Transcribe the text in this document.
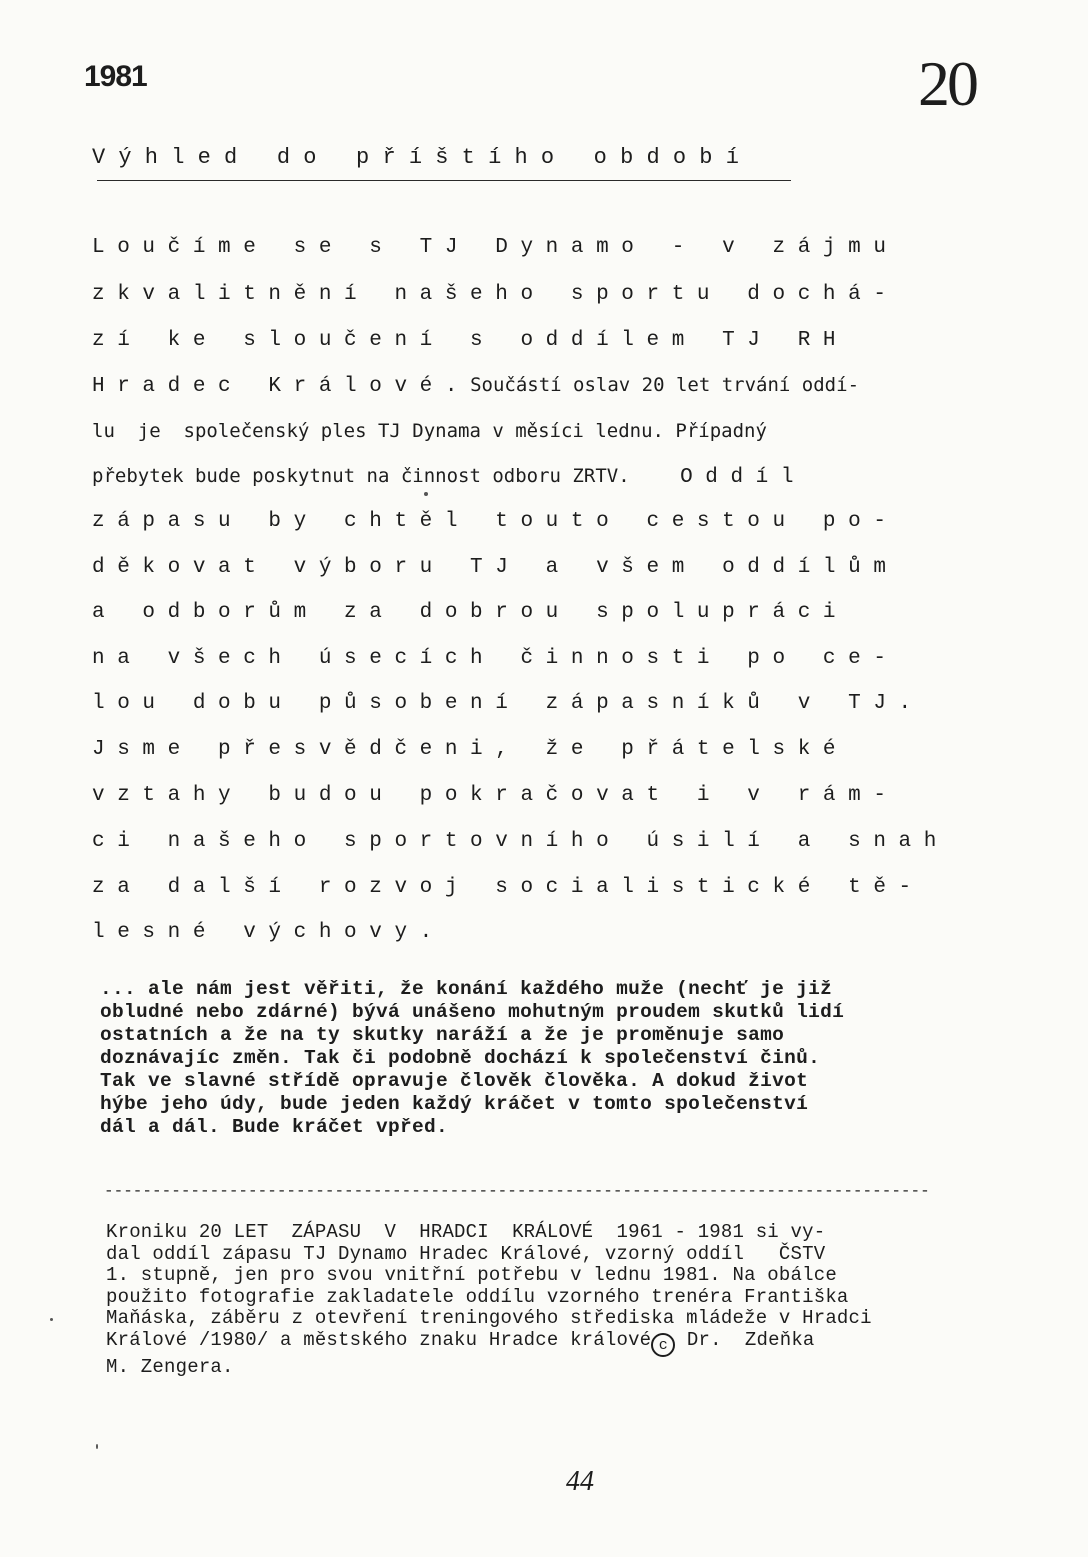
1981	20
V ý h l e d   d o   p ř í š t í h o   o b d o b í
L o u č í m e   s e   s   T J   D y n a m o   -   v   z á j m u
z k v a l i t n ě n í   n a š e h o   s p o r t u   d o c h á -
z í   k e   s l o u č e n í   s   o d d í l e m   T J   R H
H r a d e c   K r á l o v é . Součástí oslav 20 let trvání oddí-
lu  je  společenský ples TJ Dynama v měsíci lednu. Případný
přebytek bude poskytnut na činnost odboru ZRTV. O d d í l
z á p a s u   b y   c h t ě l   t o u t o   c e s t o u   p o -
d ě k o v a t   v ý b o r u   T J   a   v š e m   o d d í l ů m
a   o d b o r ů m   z a   d o b r o u   s p o l u p r á c i
n a   v š e c h   ú s e c í c h   č i n n o s t i   p o   c e -
l o u   d o b u   p ů s o b e n í   z á p a s n í k ů   v   T J .
J s m e   p ř e s v ě d č e n i ,   ž e   p ř á t e l s k é
v z t a h y   b u d o u   p o k r a č o v a t   i   v   r á m -
c i   n a š e h o   s p o r t o v n í h o   ú s i l í   a   s n a h
z a   d a l š í   r o z v o j   s o c i a l i s t i c k é   t ě -
l e s n é   v ý c h o v y .
... ale nám jest věřiti, že konání každého muže (nechť je již
obludné nebo zdárné) bývá unášeno mohutným proudem skutků lidí
ostatních a že na ty skutky naráží a že je proměnuje samo
doznávajíc změn. Tak či podobně dochází k společenství činů.
Tak ve slavné střídě opravuje člověk člověka. A dokud život
hýbe jeho údy, bude jeden každý kráčet v tomto společenství
dál a dál. Bude kráčet vpřed.
--------------------------------------------------------------------------------------
Kroniku 20 LET  ZÁPASU  V  HRADCI  KRÁLOVÉ  1961 - 1981 si vy-
dal oddíl zápasu TJ Dynamo Hradec Králové, vzorný oddíl   ČSTV
1. stupně, jen pro svou vnitřní potřebu v lednu 1981. Na obálce
použito fotografie zakladatele oddílu vzorného trenéra Františka
Maňáska, záběru z otevření treningového střediska mládeže v Hradci
Králové /1980/ a městského znaku Hradce králové c Dr.  Zdeňka
M. Zengera.
44
